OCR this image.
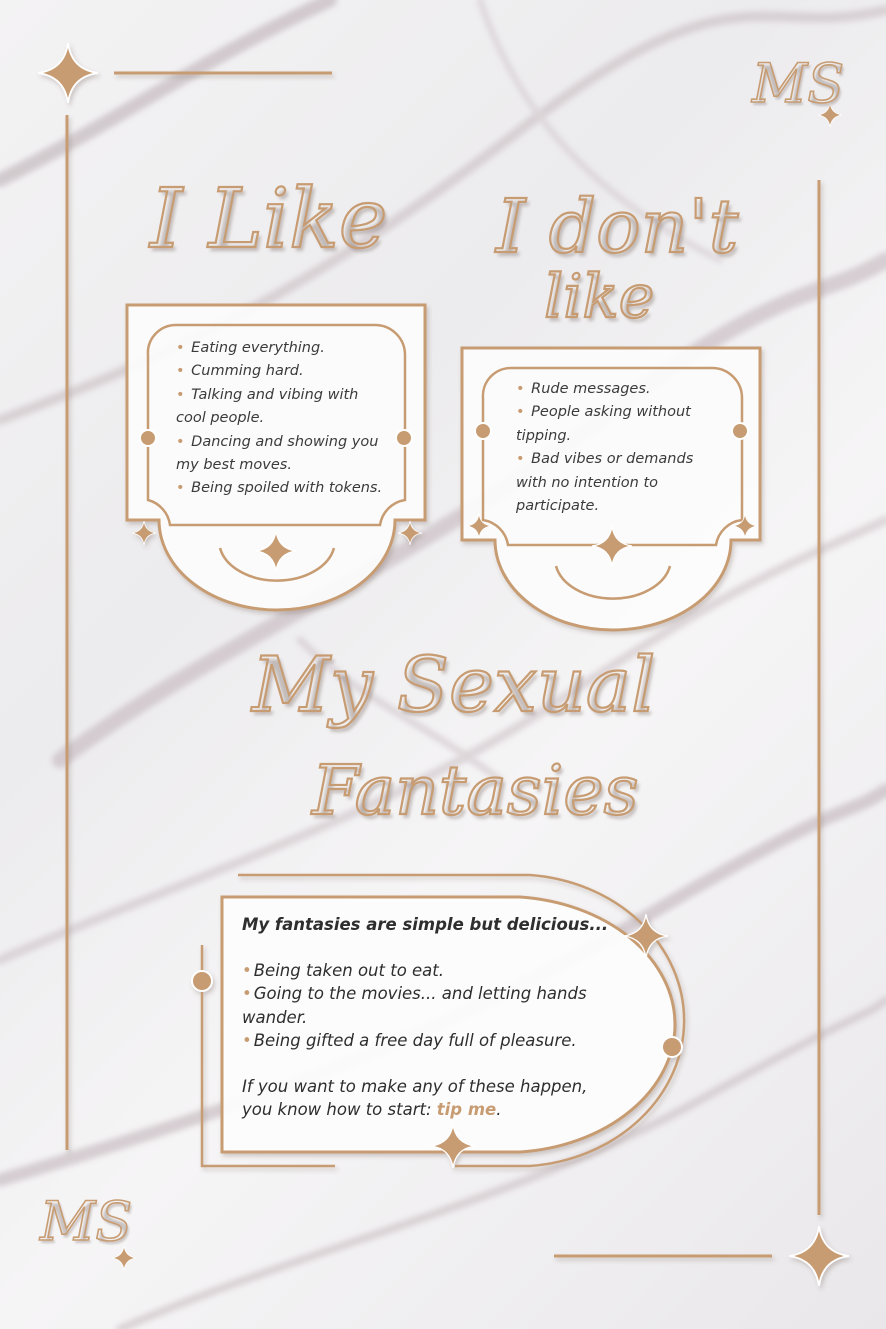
MS

MS

I Like I don't
like
My Sexual
Fantasies
• Eating everything.
• Cumming hard.
• Talking and vibing with cool people.
• Dancing and showing you my best moves.
• Being spoiled with tokens.
• Rude messages.
• People asking without tipping.
• Bad vibes or demands with no intention to participate.

My fantasies are simple but delicious...

• Being taken out to eat.
• Going to the movies... and letting hands wander.
• Being gifted a free day full of pleasure.

If you want to make any of these happen, you know how to start: tip me.
